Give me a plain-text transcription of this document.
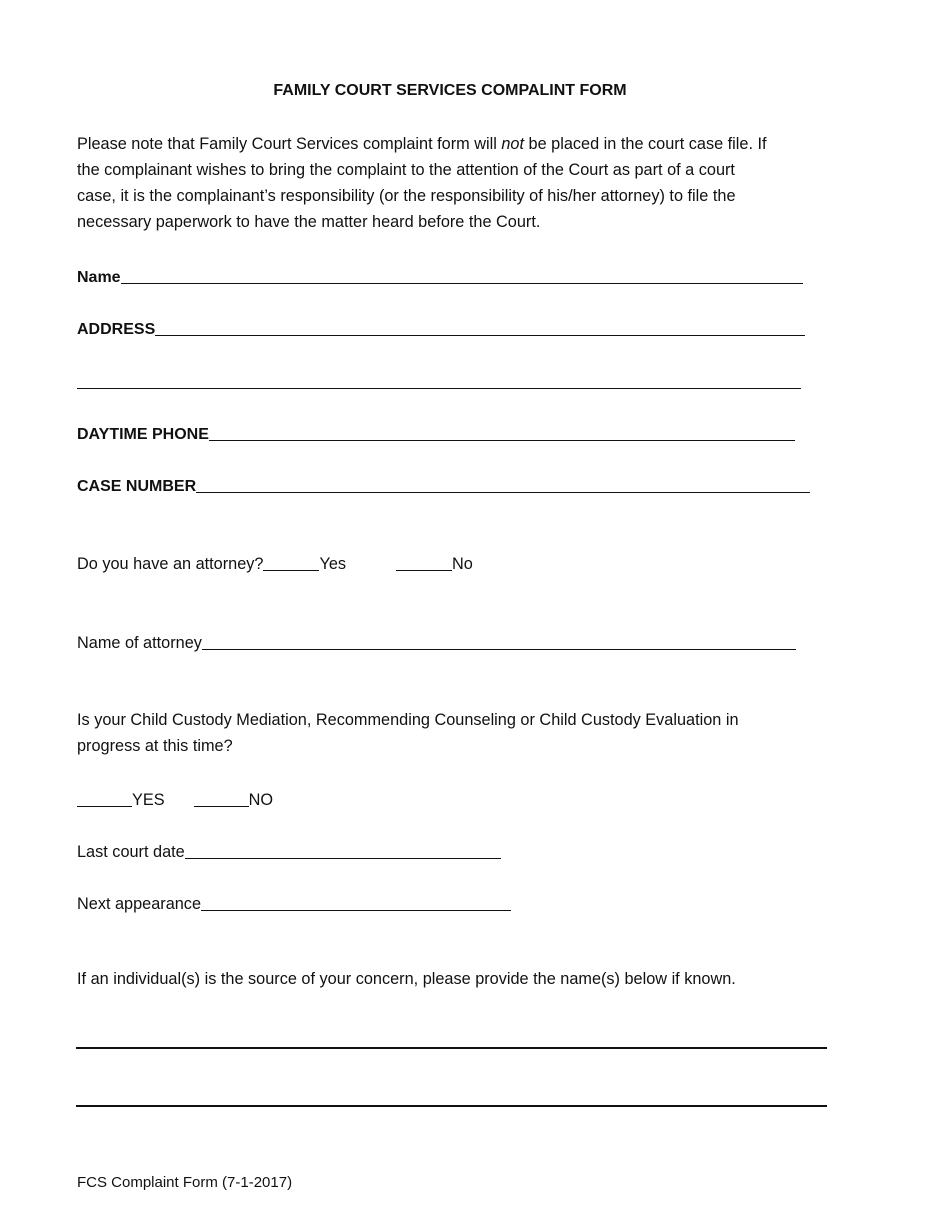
FAMILY COURT SERVICES COMPALINT FORM
Please note that Family Court Services complaint form will not be placed in the court case file. If
the complainant wishes to bring the complaint to the attention of the Court as part of a court
case, it is the complainant’s responsibility (or the responsibility of his/her attorney) to file the
necessary paperwork to have the matter heard before the Court.
Name
ADDRESS
DAYTIME PHONE
CASE NUMBER
Do you have an attorney?	Yes	No
Name of attorney
Is your Child Custody Mediation, Recommending Counseling or Child Custody Evaluation in
progress at this time?
YES	NO
Last court date
Next appearance
If an individual(s) is the source of your concern, please provide the name(s) below if known.
FCS Complaint Form (7-1-2017)
